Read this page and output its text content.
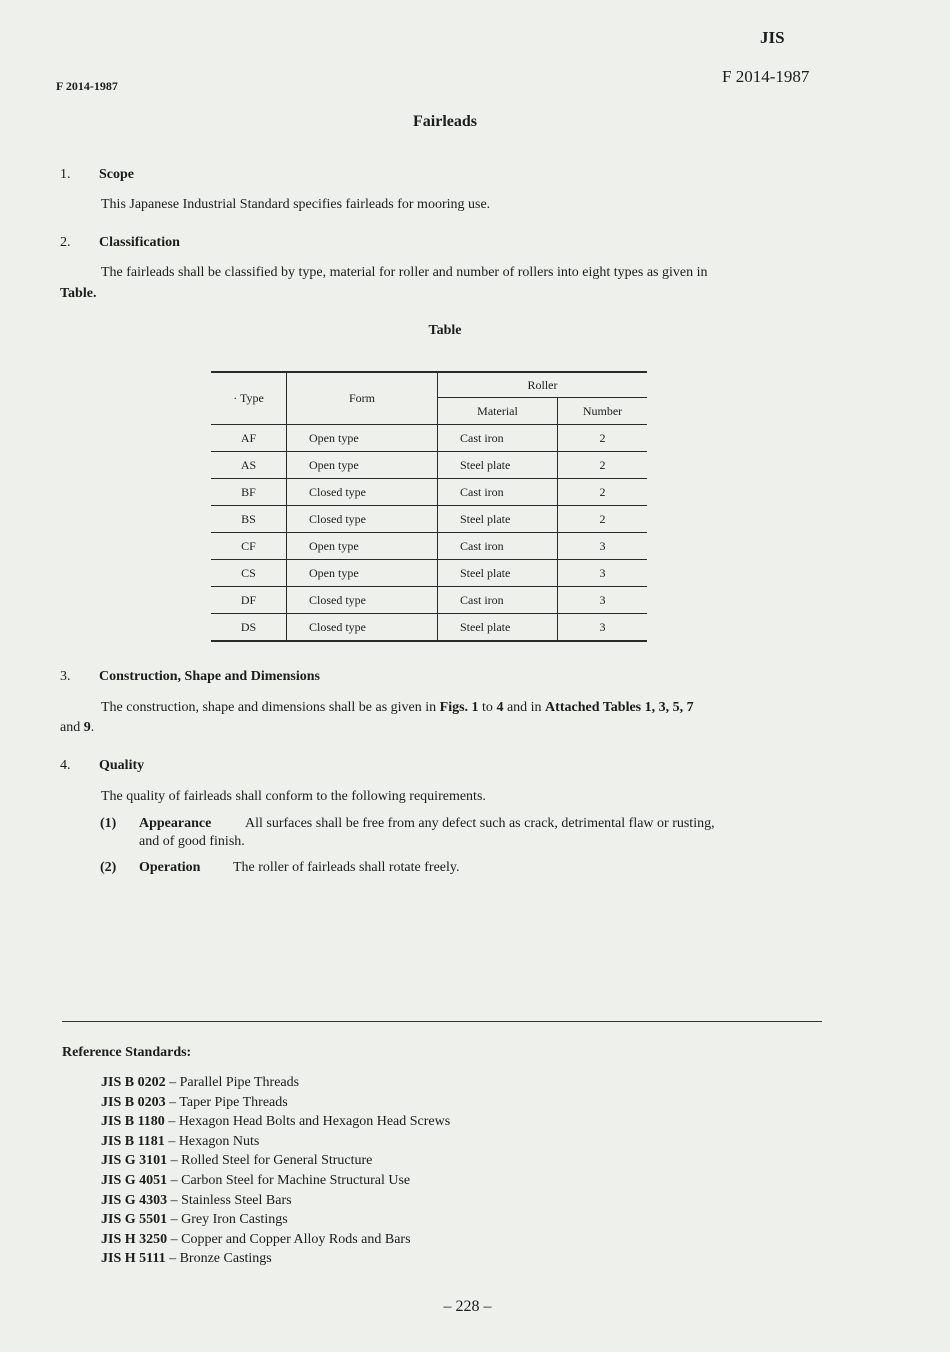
JIS
F 2014-1987
F 2014-1987
Fairleads
1. Scope
This Japanese Industrial Standard specifies fairleads for mooring use.
2. Classification
The fairleads shall be classified by type, material for roller and number of rollers into eight types as given in
Table.
Table
· Type	Form	Roller	
		Material	Number
AF	Open type	Cast iron	2
AS	Open type	Steel plate	2
BF	Closed type	Cast iron	2
BS	Closed type	Steel plate	2
CF	Open type	Cast iron	3
CS	Open type	Steel plate	3
DF	Closed type	Cast iron	3
DS	Closed type	Steel plate	3
3. Construction, Shape and Dimensions
The construction, shape and dimensions shall be as given in Figs. 1 to 4 and in Attached Tables 1, 3, 5, 7
and 9.
4. Quality
The quality of fairleads shall conform to the following requirements.
(1) Appearance All surfaces shall be free from any defect such as crack, detrimental flaw or rusting,
and of good finish.
(2) Operation The roller of fairleads shall rotate freely.
Reference Standards:
JIS B 0202 – Parallel Pipe Threads
JIS B 0203 – Taper Pipe Threads
JIS B 1180 – Hexagon Head Bolts and Hexagon Head Screws
JIS B 1181 – Hexagon Nuts
JIS G 3101 – Rolled Steel for General Structure
JIS G 4051 – Carbon Steel for Machine Structural Use
JIS G 4303 – Stainless Steel Bars
JIS G 5501 – Grey Iron Castings
JIS H 3250 – Copper and Copper Alloy Rods and Bars
JIS H 5111 – Bronze Castings
– 228 –
